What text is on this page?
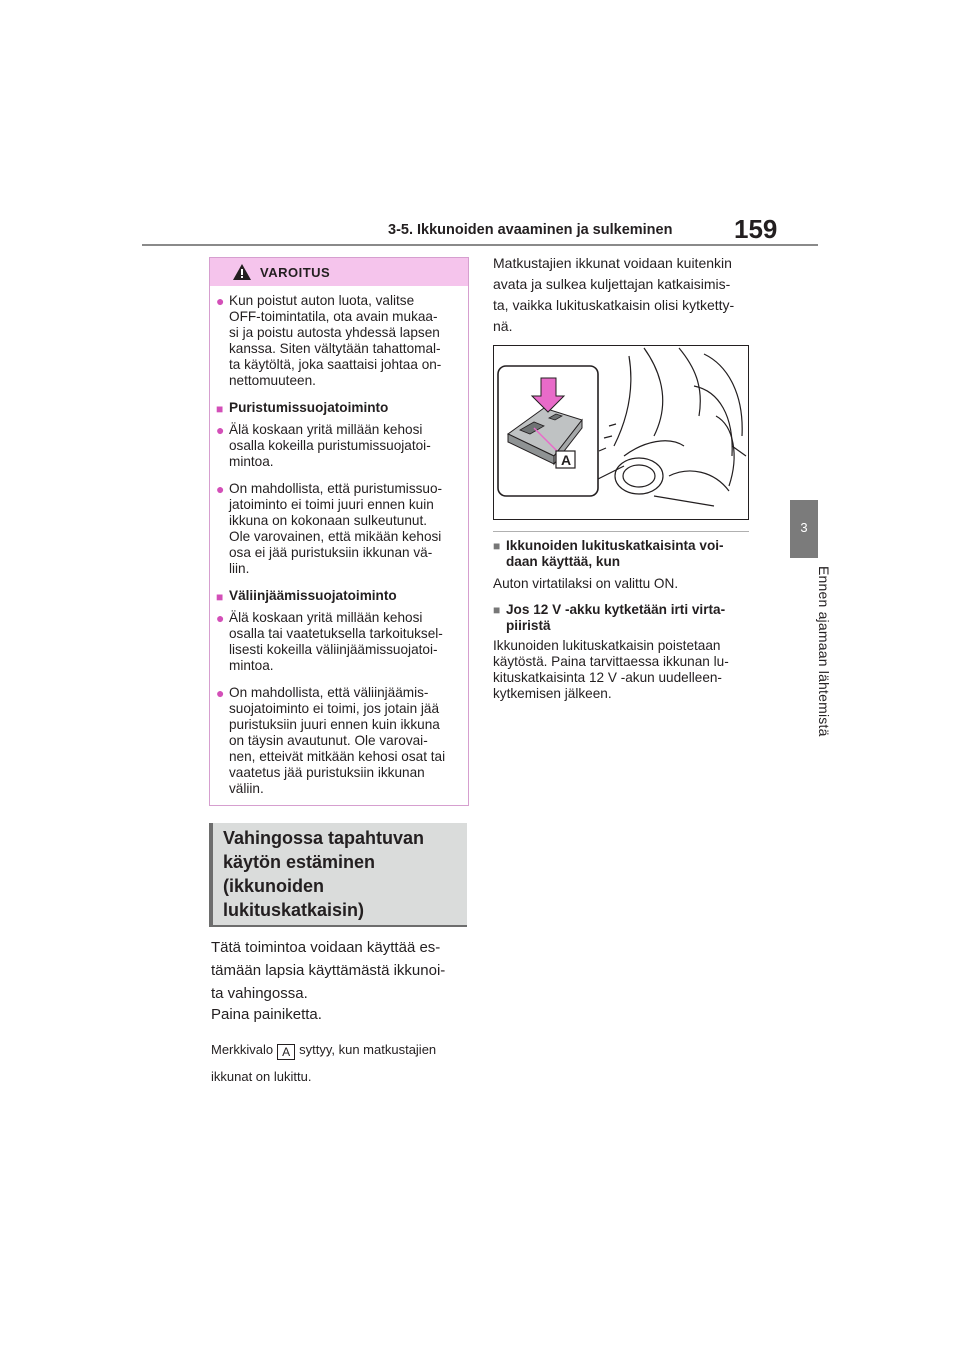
3-5. Ikkunoiden avaaminen ja sulkeminen 159
3
Ennen ajamaan lähtemistä
VAROITUS
● Kun poistut auton luota, valitse
OFF-toimintatila, ota avain mukaa-
si ja poistu autosta yhdessä lapsen
kanssa. Siten vältytään tahattomal-
ta käytöltä, joka saattaisi johtaa on-
nettomuuteen.
■ Puristumissuojatoiminto
● Älä koskaan yritä millään kehosi
osalla kokeilla puristumissuojatoi-
mintoa.
● On mahdollista, että puristumissuo-
jatoiminto ei toimi juuri ennen kuin
ikkuna on kokonaan sulkeutunut.
Ole varovainen, että mikään kehosi
osa ei jää puristuksiin ikkunan vä-
liin.
■ Väliinjäämissuojatoiminto
● Älä koskaan yritä millään kehosi
osalla tai vaatetuksella tarkoituksel-
lisesti kokeilla väliinjäämissuojatoi-
mintoa.
● On mahdollista, että väliinjäämis-
suojatoiminto ei toimi, jos jotain jää
puristuksiin juuri ennen kuin ikkuna
on täysin avautunut. Ole varovai-
nen, etteivät mitkään kehosi osat tai
vaatetus jää puristuksiin ikkunan
väliin.
Vahingossa tapahtuvan
käytön estäminen
(ikkunoiden
lukituskatkaisin)
Tätä toimintoa voidaan käyttää es-
tämään lapsia käyttämästä ikkunoi-
ta vahingossa.
Paina painiketta.
Merkkivalo A syttyy, kun matkustajien
ikkunat on lukittu.
Matkustajien ikkunat voidaan kuitenkin
avata ja sulkea kuljettajan katkaisimis-
ta, vaikka lukituskatkaisin olisi kytketty-
nä.
A
■ Ikkunoiden lukituskatkaisinta voi-
daan käyttää, kun
Auton virtatilaksi on valittu ON.
■ Jos 12 V -akku kytketään irti virta-
piiristä
Ikkunoiden lukituskatkaisin poistetaan
käytöstä. Paina tarvittaessa ikkunan lu-
kituskatkaisinta 12 V -akun uudelleen-
kytkemisen jälkeen.
